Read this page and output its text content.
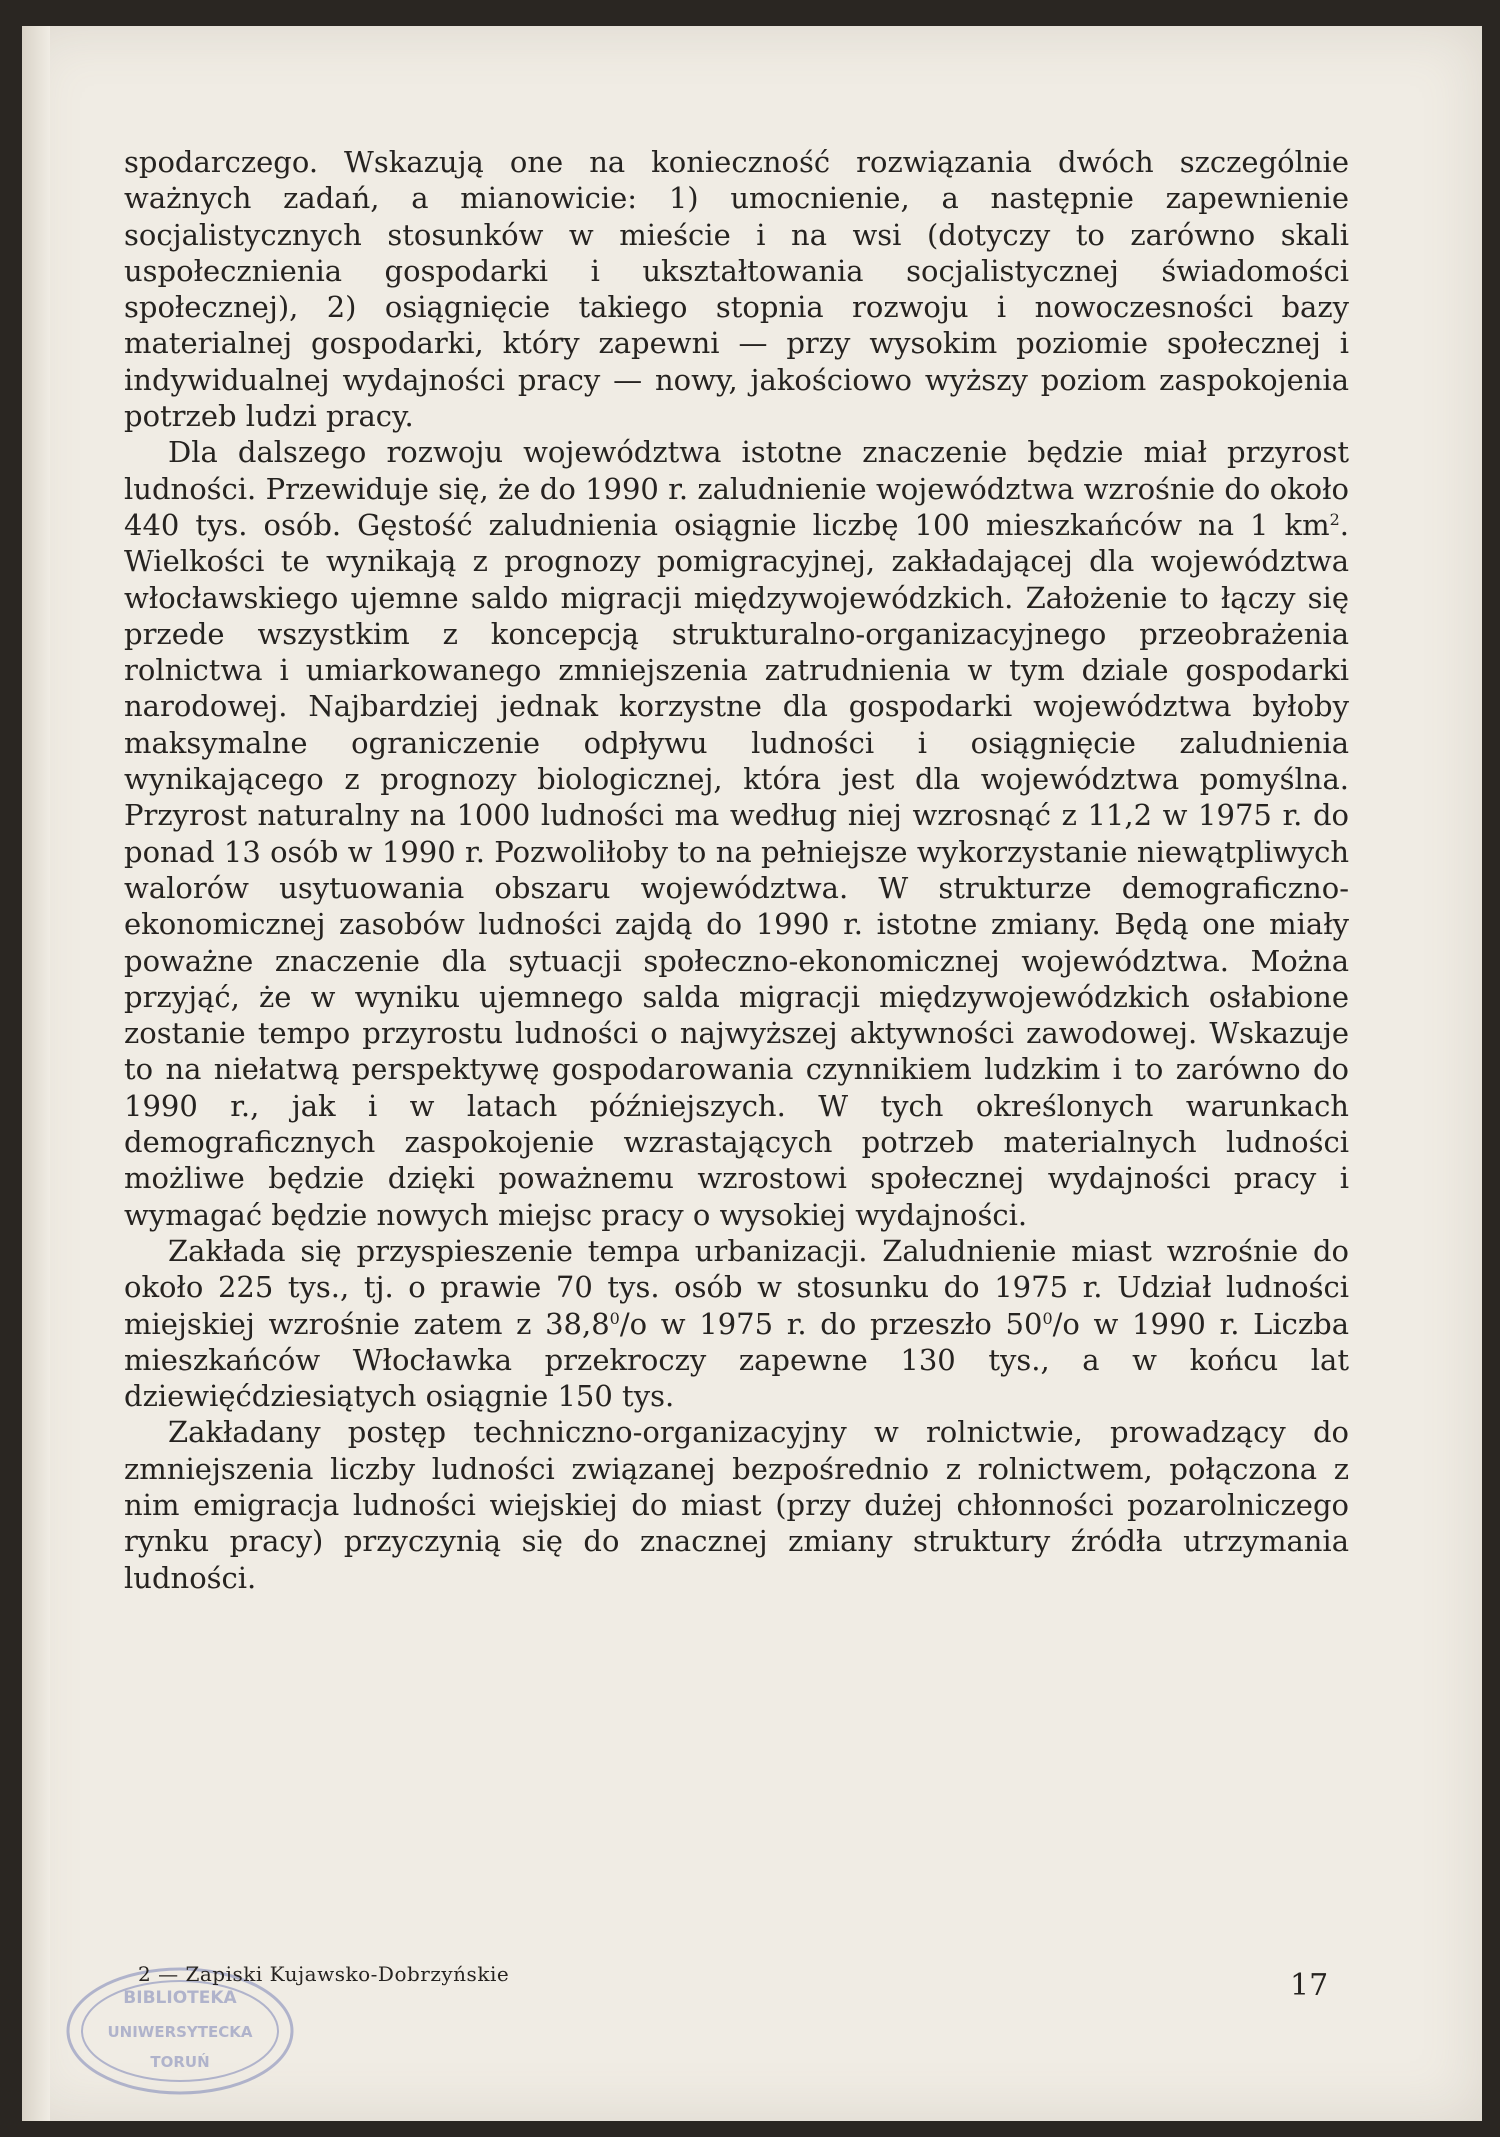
spodarczego. Wskazują one na konieczność rozwiązania dwóch szczególnie ważnych zadań, a mianowicie: 1) umocnienie, a następnie zapewnienie socjalistycznych stosunków w mieście i na wsi (dotyczy to zarówno skali uspołecznienia gospodarki i ukształtowania socjalistycznej świadomości społecznej), 2) osiągnięcie takiego stopnia rozwoju i nowoczesności bazy materialnej gospodarki, który zapewni — przy wysokim poziomie społecznej i indywidualnej wydajności pracy — nowy, jakościowo wyższy poziom zaspokojenia potrzeb ludzi pracy.

Dla dalszego rozwoju województwa istotne znaczenie będzie miał przyrost ludności. Przewiduje się, że do 1990 r. zaludnienie województwa wzrośnie do około 440 tys. osób. Gęstość zaludnienia osiągnie liczbę 100 mieszkańców na 1 $km^2$. Wielkości te wynikają z prognozy pomigracyjnej, zakładającej dla województwa włocławskiego ujemne saldo migracji międzywojewódzkich. Założenie to łączy się przede wszystkim z koncepcją strukturalno-organizacyjnego przeobrażenia rolnictwa i umiarkowanego zmniejszenia zatrudnienia w tym dziale gospodarki narodowej. Najbardziej jednak korzystne dla gospodarki województwa byłoby maksymalne ograniczenie odpływu ludności i osiągnięcie zaludnienia wynikającego z prognozy biologicznej, która jest dla województwa pomyślna. Przyrost naturalny na 1000 ludności ma według niej wzrosnąć z 11,2 w 1975 r. do ponad 13 osób w 1990 r. Pozwoliłoby to na pełniejsze wykorzystanie niewątpliwych walorów usytuowania obszaru województwa. W strukturze demograficzno-ekonomicznej zasobów ludności zajdą do 1990 r. istotne zmiany. Będą one miały poważne znaczenie dla sytuacji społeczno-ekonomicznej województwa. Można przyjąć, że w wyniku ujemnego salda migracji międzywojewódzkich osłabione zostanie tempo przyrostu ludności o najwyższej aktywności zawodowej. Wskazuje to na niełatwą perspektywę gospodarowania czynnikiem ludzkim i to zarówno do 1990 r., jak i w latach późniejszych. W tych określonych warunkach demograficznych zaspokojenie wzrastających potrzeb materialnych ludności możliwe będzie dzięki poważnemu wzrostowi społecznej wydajności pracy i wymagać będzie nowych miejsc pracy o wysokiej wydajności.

Zakłada się przyspieszenie tempa urbanizacji. Zaludnienie miast wzrośnie do około 225 tys., tj. o prawie 70 tys. osób w stosunku do 1975 r. Udział ludności miejskiej wzrośnie zatem z 38,8$^0$/o w 1975 r. do przeszło $50^0/o$ w 1990 r. Liczba mieszkańców Włocławka przekroczy zapewne 130 tys., a w końcu lat dziewięćdziesiątych osiągnie 150 tys.

Zakładany postęp techniczno-organizacyjny w rolnictwie, prowadzący do zmniejszenia liczby ludności związanej bezpośrednio z rolnictwem, połączona z nim emigracja ludności wiejskiej do miast (przy dużej chłonności pozarolniczego rynku pracy) przyczynią się do znacznej zmiany struktury źródła utrzymania ludności.

BIBLIOTEKA
UNIWERSYTECKA
TORUŃ
2 — Zapiski Kujawsko-Dobrzyńskie	17
